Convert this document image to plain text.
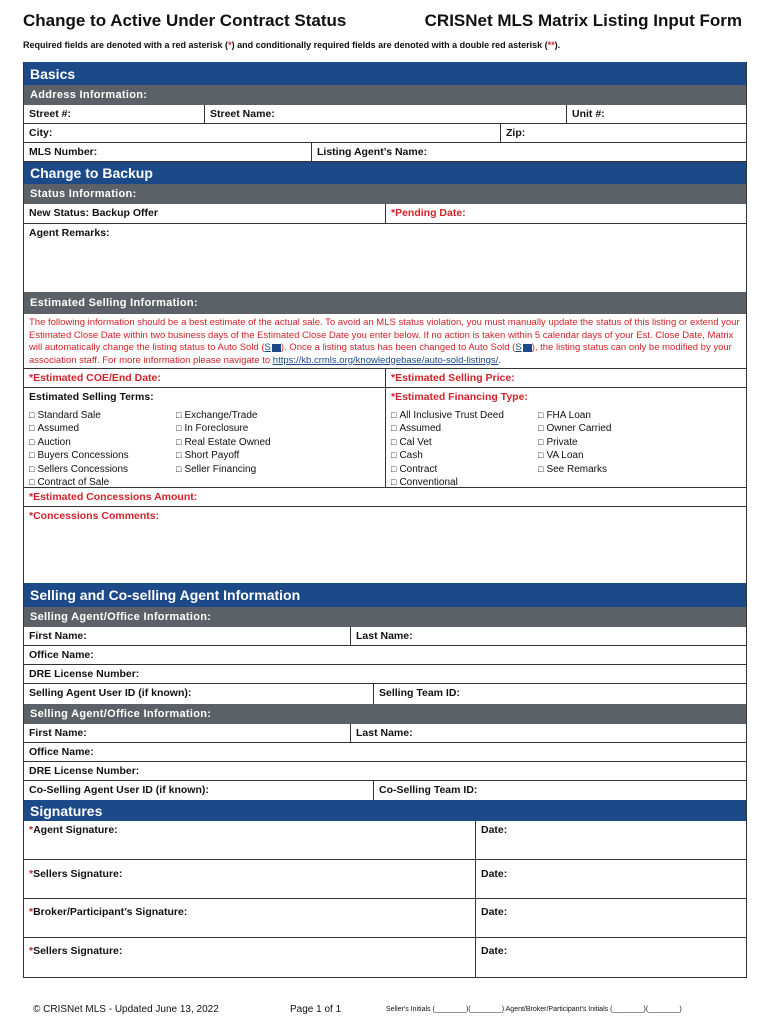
Change to Active Under Contract Status	CRISNet MLS Matrix Listing Input Form
Required fields are denoted with a red asterisk (*) and conditionally required fields are denoted with a double red asterisk (**).
Basics
Address Information:
Street #:	Street Name:	Unit #:
City:	Zip:
MLS Number:	Listing Agent’s Name:
Change to Backup
Status Information:
New Status: Backup Offer	*Pending Date:
Agent Remarks:
Estimated Selling Information:
The following information should be a best estimate of the actual sale. To avoid an MLS status violation, you must manually update the status of this listing or extend your Estimated Close Date within two business days of the Estimated Close Date you enter below. If no action is taken within 5 calendar days of your Est. Close Date, Matrix will automatically change the listing status to Auto Sold (S ). Once a listing status has been changed to Auto Sold (S ), the listing status can only be modified by your association staff. For more information please navigate to https://kb.crmls.org/knowledgebase/auto-sold-listings/.
*Estimated COE/End Date:	*Estimated Selling Price:
Estimated Selling Terms:
□ Standard Sale
□ Assumed
□ Auction
□ Buyers Concessions
□ Sellers Concessions
□ Contract of Sale
□ Exchange/Trade
□ In Foreclosure
□ Real Estate Owned
□ Short Payoff
□ Seller Financing
*Estimated Financing Type:
□ All Inclusive Trust Deed
□ Assumed
□ Cal Vet
□ Cash
□ Contract
□ Conventional
□ FHA Loan
□ Owner Carried
□ Private
□ VA Loan
□ See Remarks
*Estimated Concessions Amount:
*Concessions Comments:
Selling and Co-selling Agent Information
Selling Agent/Office Information:
First Name:	Last Name:
Office Name:
DRE License Number:
Selling Agent User ID (if known):	Selling Team ID:
Selling Agent/Office Information:
First Name:	Last Name:
Office Name:
DRE License Number:
Co-Selling Agent User ID (if known):	Co-Selling Team ID:
Signatures
* Agent Signature:	Date:
* Sellers Signature:	Date:
* Broker/Participant’s Signature:	Date:
* Sellers Signature:	Date:
© CRISNet MLS - Updated June 13, 2022	Page 1 of 1	Seller's Initials (________)(________) Agent/Broker/Participant's Initials (________)(________)
